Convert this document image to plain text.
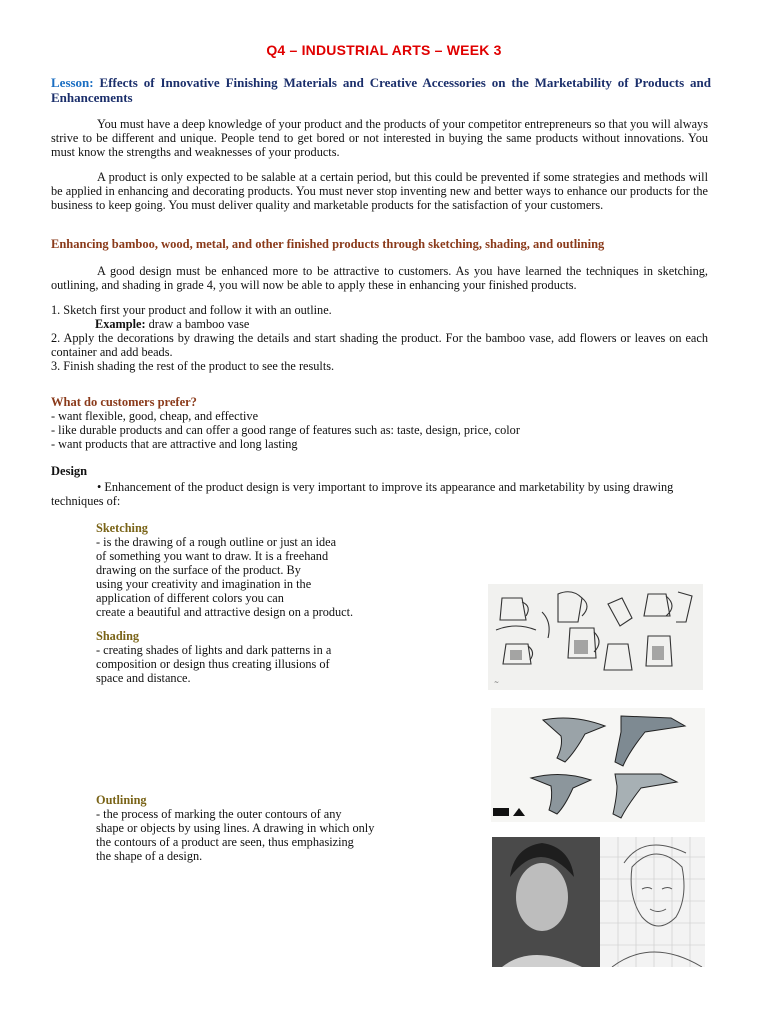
Q4 – INDUSTRIAL ARTS – WEEK 3
Lesson: Effects of Innovative Finishing Materials and Creative Accessories on the Marketability of Products and Enhancements
You must have a deep knowledge of your product and the products of your competitor entrepreneurs so that you will always strive to be different and unique. People tend to get bored or not interested in buying the same products without innovations. You must know the strengths and weaknesses of your products.
A product is only expected to be salable at a certain period, but this could be prevented if some strategies and methods will be applied in enhancing and decorating products. You must never stop inventing new and better ways to enhance our products for the business to keep going. You must deliver quality and marketable products for the satisfaction of your customers.
Enhancing bamboo, wood, metal, and other finished products through sketching, shading, and outlining
A good design must be enhanced more to be attractive to customers. As you have learned the techniques in sketching, outlining, and shading in grade 4, you will now be able to apply these in enhancing your finished products.
1. Sketch first your product and follow it with an outline.
Example: draw a bamboo vase
2. Apply the decorations by drawing the details and start shading the product. For the bamboo vase, add flowers or leaves on each container and add beads.
3. Finish shading the rest of the product to see the results.
What do customers prefer?
- want flexible, good, cheap, and effective
- like durable products and can offer a good range of features such as: taste, design, price, color
- want products that are attractive and long lasting
Design
• Enhancement of the product design is very important to improve its appearance and marketability by using drawing techniques of:
Sketching
- is the drawing of a rough outline or just an idea
of something you want to draw. It is a freehand
drawing on the surface of the product. By
using your creativity and imagination in the
application of different colors you can
create a beautiful and attractive design on a product.
Shading
- creating shades of lights and dark patterns in a
composition or design thus creating illusions of
space and distance.
Outlining
- the process of marking the outer contours of any
shape or objects by using lines. A drawing in which only
the contours of a product are seen, thus emphasizing
the shape of a design.
~
